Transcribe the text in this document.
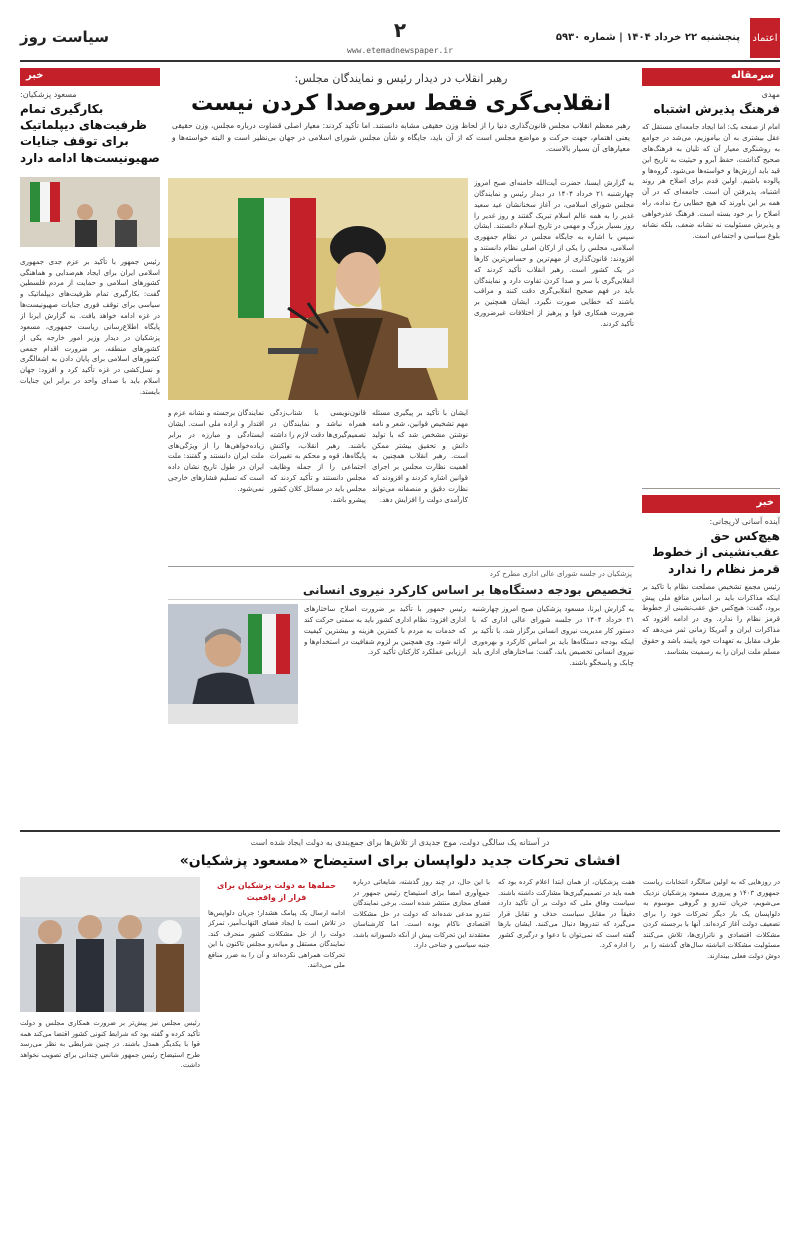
اعتماد
پنجشنبه ۲۲ خرداد ۱۴۰۴ | شماره ۵۹۳۰
۲
www.etemadnewspaper.ir
سیاست روز
سرمقاله
مهدی
فرهنگ پذیرش اشتباه
امام از صفحه یک: اما ایجاد جامعه‌ای مستقل که عقل بیشتری به آن بیاموزیم، می‌شد در جوامع به روشنگری معیار آن که تلیان به فرهنگ‌های صحیح گذاشت، حفظ آبرو و حیثیت به تاریخ این قید باید ارزش‌ها و خواسته‌ها می‌شود. گروه‌ها و پالوده باشیم. اولین قدم برای اصلاح هر روند اشتباه، پذیرفتن آن است. جامعه‌ای که در آن همه بر این باورند که هیچ خطایی رخ نداده، راه اصلاح را بر خود بسته است. فرهنگ عذرخواهی و پذیرش مسئولیت نه نشانه ضعف، بلکه نشانه بلوغ سیاسی و اجتماعی است.
خبر
آینده آسانی لاریجانی:
هیچ‌کس حق عقب‌نشینی از خطوط قرمز نظام را ندارد
رئیس مجمع تشخیص مصلحت نظام با تاکید بر اینکه مذاکرات باید بر اساس منافع ملی پیش برود، گفت: هیچ‌کس حق عقب‌نشینی از خطوط قرمز نظام را ندارد. وی در ادامه افزود که مذاکرات ایران و آمریکا زمانی ثمر می‌دهد که طرف مقابل به تعهدات خود پایبند باشد و حقوق مسلم ملت ایران را به رسمیت بشناسد.
رهبر انقلاب در دیدار رئیس و نمایندگان مجلس:
انقلابی‌گری فقط سروصدا کردن نیست
رهبر معظم انقلاب مجلس قانون‌گذاری دنیا را از لحاظ وزن حقیقی مشابه دانستند. اما تأکید کردند: معیار اصلی قضاوت درباره مجلس، وزن حقیقی یعنی اهتمام، جهت حرکت و مواضع مجلس است که از آن باید، جایگاه و شأن مجلس شورای اسلامی در جهان بی‌نظیر است و البته خواسته‌ها و معیارهای آن بسیار بالاست.
به گزارش ایسنا، حضرت آیت‌الله خامنه‌ای صبح امروز چهارشنبه ۲۱ خرداد ۱۴۰۴ در دیدار رئیس و نمایندگان مجلس شورای اسلامی، در آغاز سخنانشان عید سعید غدیر را به همه عالم اسلام تبریک گفتند و روز غدیر را روز بسیار بزرگ و مهمی در تاریخ اسلام دانستند. ایشان سپس با اشاره به جایگاه مجلس در نظام جمهوری اسلامی، مجلس را یکی از ارکان اصلی نظام دانستند و افزودند: قانون‌گذاری از مهم‌ترین و حساس‌ترین کارها در یک کشور است. رهبر انقلاب تأکید کردند که انقلابی‌گری با سر و صدا کردن تفاوت دارد و نمایندگان باید در فهم صحیح انقلابی‌گری دقت کنند و مراقب باشند که خطایی صورت نگیرد. ایشان همچنین بر ضرورت همکاری قوا و پرهیز از اختلافات غیرضروری تأکید کردند.
ایشان با تأکید بر پیگیری مسئله مهم تشخیص قوانین، شعر و نامه نوشتن مشخص شد که با تولید دانش و تحقیق بیشتر ممکن است. رهبر انقلاب همچنین به اهمیت نظارت مجلس بر اجرای قوانین اشاره کردند و افزودند که نظارت دقیق و منصفانه می‌تواند کارآمدی دولت را افزایش دهد.
قانون‌نویسی با شتاب‌زدگی همراه نباشد و نمایندگان در تصمیم‌گیری‌ها دقت لازم را داشته باشند. رهبر انقلاب، واکنش پایگاه‌ها، قوه و محکم به تغییرات اجتماعی را از جمله وظایف مجلس دانستند و تأکید کردند که مجلس باید در مسائل کلان کشور پیشرو باشد.
نمایندگان برجسته و نشانه عزم و اقتدار و اراده ملی است. ایشان ایستادگی و مبارزه در برابر زیاده‌خواهی‌ها را از ویژگی‌های ملت ایران دانستند و گفتند: ملت ایران در طول تاریخ نشان داده است که تسلیم فشارهای خارجی نمی‌شود.
پزشکیان در جلسه شورای عالی اداری مطرح کرد
تخصیص بودجه دستگاه‌ها بر اساس کارکرد نیروی انسانی
به گزارش ایرنا، مسعود پزشکیان صبح امروز چهارشنبه ۲۱ خرداد ۱۴۰۴ در جلسه شورای عالی اداری که با دستور کار مدیریت نیروی انسانی برگزار شد، با تأکید بر اینکه بودجه دستگاه‌ها باید بر اساس کارکرد و بهره‌وری نیروی انسانی تخصیص یابد، گفت: ساختارهای اداری باید چابک و پاسخگو باشند.
رئیس جمهور با تأکید بر ضرورت اصلاح ساختارهای اداری افزود: نظام اداری کشور باید به سمتی حرکت کند که خدمات به مردم با کمترین هزینه و بیشترین کیفیت ارائه شود. وی همچنین بر لزوم شفافیت در استخدام‌ها و ارزیابی عملکرد کارکنان تأکید کرد.
خبر
مسعود پزشکیان:
بکارگیری تمام ظرفیت‌های دیپلماتیک برای توقف جنایات صهیونیست‌ها ادامه دارد
رئیس جمهور با تأکید بر عزم جدی جمهوری اسلامی ایران برای ایجاد هم‌صدایی و هماهنگی کشورهای اسلامی و حمایت از مردم فلسطین گفت: بکارگیری تمام ظرفیت‌های دیپلماتیک و سیاسی برای توقف فوری جنایات صهیونیست‌ها در غزه ادامه خواهد یافت. به گزارش ایرنا از پایگاه اطلاع‌رسانی ریاست جمهوری، مسعود پزشکیان در دیدار وزیر امور خارجه یکی از کشورهای منطقه، بر ضرورت اقدام جمعی کشورهای اسلامی برای پایان دادن به اشغالگری و نسل‌کشی در غزه تأکید کرد و افزود: جهان اسلام باید با صدای واحد در برابر این جنایات بایستد.
در آستانه یک سالگی دولت، موج جدیدی از تلاش‌ها برای جمع‌بندی به دولت ایجاد شده است
افشای تحرکات جدید دلواپسان برای استیضاح «مسعود پزشکیان»
در روزهایی که به اولین سالگرد انتخابات ریاست جمهوری ۱۴۰۳ و پیروزی مسعود پزشکیان نزدیک می‌شویم، جریان تندرو و گروهی موسوم به دلواپسان یک بار دیگر تحرکات خود را برای تضعیف دولت آغاز کرده‌اند. آنها با برجسته کردن مشکلات اقتصادی و ناترازی‌ها، تلاش می‌کنند مسئولیت مشکلات انباشته سال‌های گذشته را بر دوش دولت فعلی بیندازند.
هفت پزشکیان، از همان ابتدا اعلام کرده بود که همه باید در تصمیم‌گیری‌ها مشارکت داشته باشند. سیاست وفاق ملی که دولت بر آن تأکید دارد، دقیقاً در مقابل سیاست حذف و تقابل قرار می‌گیرد که تندروها دنبال می‌کنند. ایشان بارها گفته است که نمی‌توان با دعوا و درگیری کشور را اداره کرد.
با این حال، در چند روز گذشته، شایعاتی درباره جمع‌آوری امضا برای استیضاح رئیس جمهور در فضای مجازی منتشر شده است. برخی نمایندگان تندرو مدعی شده‌اند که دولت در حل مشکلات اقتصادی ناکام بوده است. اما کارشناسان معتقدند این تحرکات بیش از آنکه دلسوزانه باشد، جنبه سیاسی و جناحی دارد.
حمله‌ها به دولت پزشکیان برای فرار از واقعیت
ادامه ارسال یک پیامک هشدار؛ جریان دلواپس‌ها در تلاش است با ایجاد فضای التهاب‌آمیز، تمرکز دولت را از حل مشکلات کشور منحرف کند. نمایندگان مستقل و میانه‌رو مجلس تاکنون با این تحرکات همراهی نکرده‌اند و آن را به ضرر منافع ملی می‌دانند.
رئیس مجلس نیز پیش‌تر بر ضرورت همکاری مجلس و دولت تأکید کرده و گفته بود که شرایط کنونی کشور اقتضا می‌کند همه قوا با یکدیگر همدل باشند. در چنین شرایطی به نظر می‌رسد طرح استیضاح رئیس جمهور شانس چندانی برای تصویب نخواهد داشت.
